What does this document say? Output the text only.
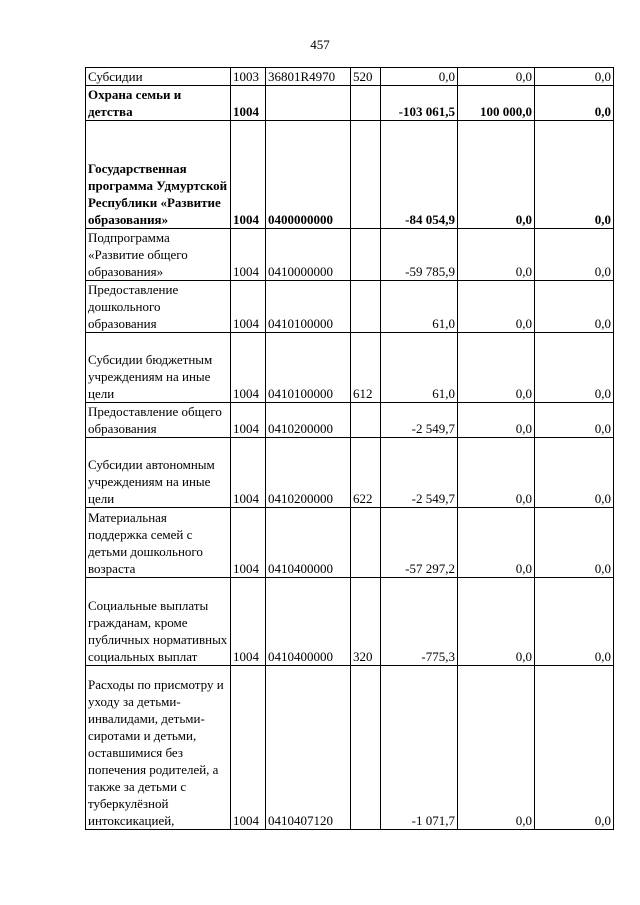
457
Субсидии	1003	36801R4970	520	0,0	0,0	0,0
Охрана семьи и детства	1004			-103 061,5	100 000,0	0,0
Государственная программа Удмуртской Республики «Развитие образования»	1004	0400000000		-84 054,9	0,0	0,0
Подпрограмма «Развитие общего образования»	1004	0410000000		-59 785,9	0,0	0,0
Предоставление дошкольного образования	1004	0410100000		61,0	0,0	0,0
Субсидии бюджетным учреждениям на иные цели	1004	0410100000	612	61,0	0,0	0,0
Предоставление общего образования	1004	0410200000		-2 549,7	0,0	0,0
Субсидии автономным учреждениям на иные цели	1004	0410200000	622	-2 549,7	0,0	0,0
Материальная поддержка семей с детьми дошкольного возраста	1004	0410400000		-57 297,2	0,0	0,0
Социальные выплаты гражданам, кроме публичных нормативных социальных выплат	1004	0410400000	320	-775,3	0,0	0,0
Расходы по присмотру и уходу за детьми-инвалидами, детьми-сиротами и детьми, оставшимися без попечения родителей, а также за детьми с туберкулёзной интоксикацией,	1004	0410407120		-1 071,7	0,0	0,0
